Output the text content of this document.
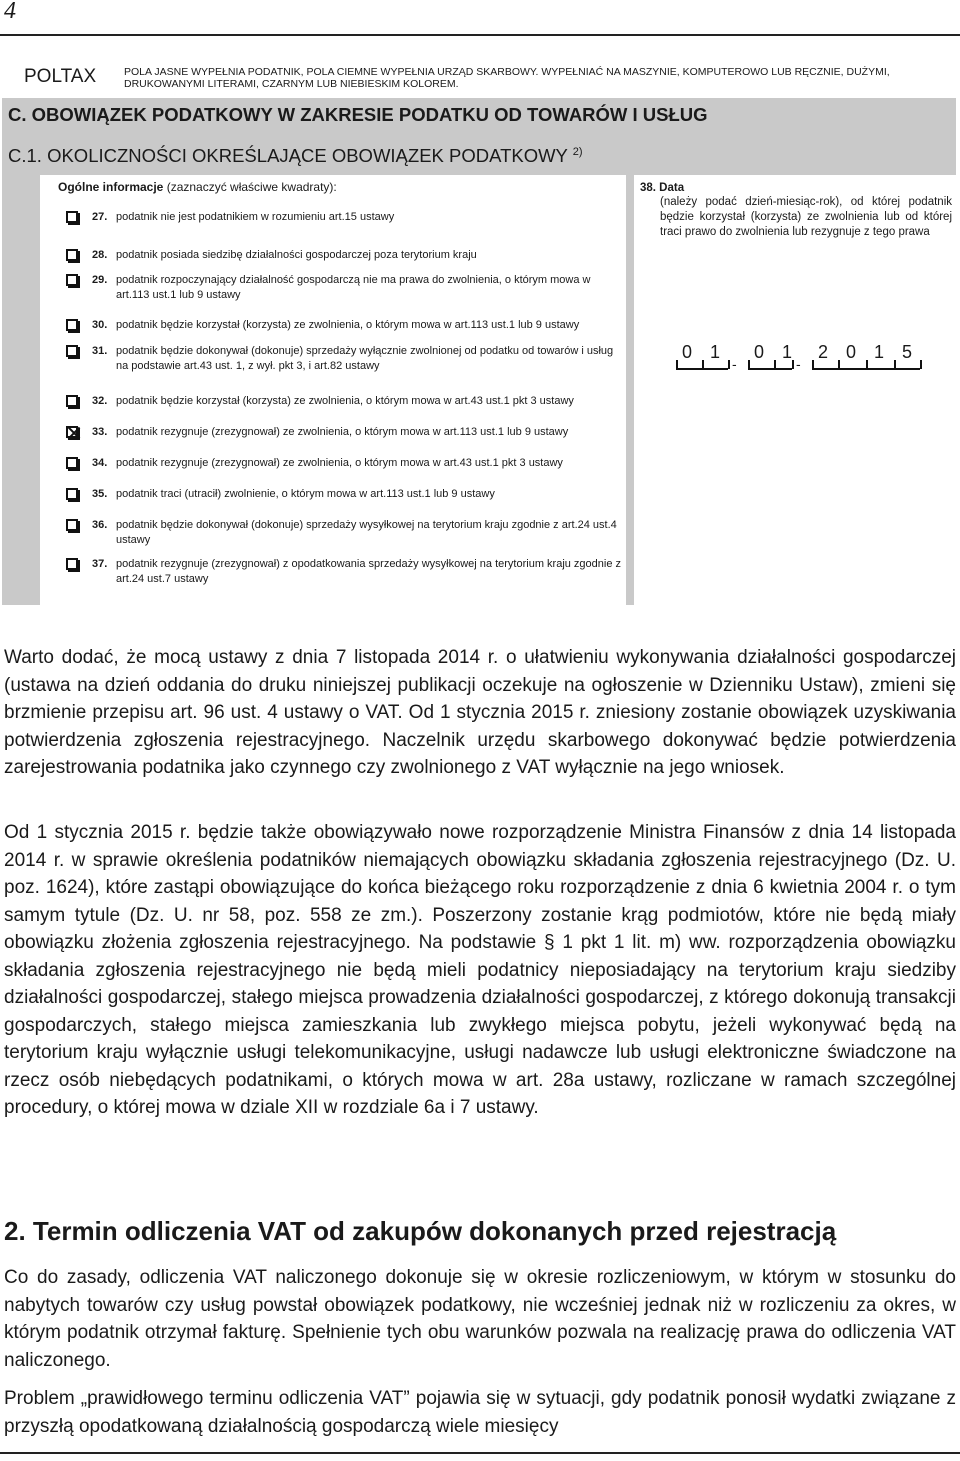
4
POLTAX	POLA JASNE WYPEŁNIA PODATNIK, POLA CIEMNE WYPEŁNIA URZĄD SKARBOWY. WYPEŁNIAĆ NA MASZYNIE, KOMPUTEROWO LUB RĘCZNIE, DUŻYMI, DRUKOWANYMI LITERAMI, CZARNYM LUB NIEBIESKIM KOLOREM.
C. OBOWIĄZEK PODATKOWY W ZAKRESIE PODATKU OD TOWARÓW I USŁUG
C.1. OKOLICZNOŚCI OKREŚLAJĄCE OBOWIĄZEK PODATKOWY $^{2)}$
Ogólne informacje (zaznaczyć właściwe kwadraty):
27. podatnik nie jest podatnikiem w rozumieniu art.15 ustawy
28. podatnik posiada siedzibę działalności gospodarczej poza terytorium kraju
29. podatnik rozpoczynający działalność gospodarczą nie ma prawa do zwolnienia, o którym mowa w art.113 ust.1 lub 9 ustawy
30. podatnik będzie korzystał (korzysta) ze zwolnienia, o którym mowa w art.113 ust.1 lub 9 ustawy
31. podatnik będzie dokonywał (dokonuje) sprzedaży wyłącznie zwolnionej od podatku od towarów i usług na podstawie art.43 ust. 1, z wył. pkt 3, i art.82 ustawy
32. podatnik będzie korzystał (korzysta) ze zwolnienia, o którym mowa w art.43 ust.1 pkt 3 ustawy
33. podatnik rezygnuje (zrezygnował) ze zwolnienia, o którym mowa w art.113 ust.1 lub 9 ustawy
34. podatnik rezygnuje (zrezygnował) ze zwolnienia, o którym mowa w art.43 ust.1 pkt 3 ustawy
35. podatnik traci (utracił) zwolnienie, o którym mowa w art.113 ust.1 lub 9 ustawy
36. podatnik będzie dokonywał (dokonuje) sprzedaży wysyłkowej na terytorium kraju zgodnie z art.24 ust.4 ustawy
37. podatnik rezygnuje (zrezygnował) z opodatkowania sprzedaży wysyłkowej na terytorium kraju zgodnie z art.24 ust.7 ustawy
38. Data
(należy podać dzień-miesiąc-rok), od której podatnik będzie korzystał (korzysta) ze zwolnienia lub od której traci prawo do zwolnienia lub rezygnuje z tego prawa
0 1	0 1	2 0 1 5
-	-
Warto dodać, że mocą ustawy z dnia 7 listopada 2014 r. o ułatwieniu wykonywania działalności gospodarczej (ustawa na dzień oddania do druku niniejszej publikacji oczekuje na ogłoszenie w Dzienniku Ustaw), zmieni się brzmienie przepisu art. 96 ust. 4 ustawy o VAT. Od 1 stycznia 2015 r. zniesiony zostanie obowiązek uzyskiwania potwierdzenia zgłoszenia rejestracyjnego. Naczelnik urzędu skarbowego dokonywać będzie potwierdzenia zarejestrowania podatnika jako czynnego czy zwolnionego z VAT wyłącznie na jego wniosek.
Od 1 stycznia 2015 r. będzie także obowiązywało nowe rozporządzenie Ministra Finansów z dnia 14 listopada 2014 r. w sprawie określenia podatników niemających obowiązku składania zgłoszenia rejestracyjnego (Dz. U. poz. 1624), które zastąpi obowiązujące do końca bieżącego roku rozporządzenie z dnia 6 kwietnia 2004 r. o tym samym tytule (Dz. U. nr 58, poz. 558 ze zm.). Poszerzony zostanie krąg podmiotów, które nie będą miały obowiązku złożenia zgłoszenia rejestracyjnego. Na podstawie § 1 pkt 1 lit. m) ww. rozporządzenia obowiązku składania zgłoszenia rejestracyjnego nie będą mieli podatnicy nieposiadający na terytorium kraju siedziby działalności gospodarczej, stałego miejsca prowadzenia działalności gospodarczej, z którego dokonują transakcji gospodarczych, stałego miejsca zamieszkania lub zwykłego miejsca pobytu, jeżeli wykonywać będą na terytorium kraju wyłącznie usługi telekomunikacyjne, usługi nadawcze lub usługi elektroniczne świadczone na rzecz osób niebędących podatnikami, o których mowa w art. 28a ustawy, rozliczane w ramach szczególnej procedury, o której mowa w dziale XII w rozdziale 6a i 7 ustawy.
2. Termin odliczenia VAT od zakupów dokonanych przed rejestracją
Co do zasady, odliczenia VAT naliczonego dokonuje się w okresie rozliczeniowym, w którym w stosunku do nabytych towarów czy usług powstał obowiązek podatkowy, nie wcześniej jednak niż w rozliczeniu za okres, w którym podatnik otrzymał fakturę. Spełnienie tych obu warunków pozwala na realizację prawa do odliczenia VAT naliczonego.
Problem „prawidłowego terminu odliczenia VAT” pojawia się w sytuacji, gdy podatnik ponosił wydatki związane z przyszłą opodatkowaną działalnością gospodarczą wiele miesięcy
